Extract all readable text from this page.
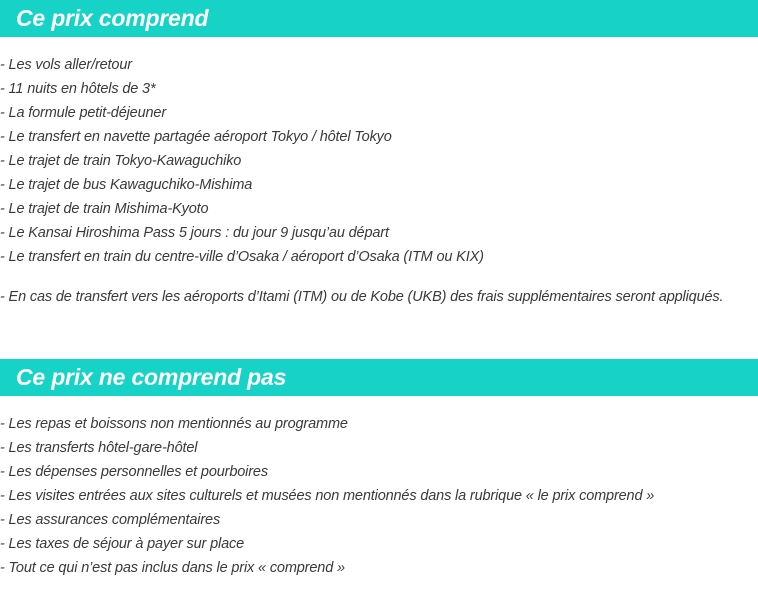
Ce prix comprend
- Les vols aller/retour
- 11 nuits en hôtels de 3*
- La formule petit-déjeuner
- Le transfert en navette partagée aéroport Tokyo / hôtel Tokyo
- Le trajet de train Tokyo-Kawaguchiko
- Le trajet de bus Kawaguchiko-Mishima
- Le trajet de train Mishima-Kyoto
- Le Kansai Hiroshima Pass 5 jours : du jour 9 jusqu’au départ
- Le transfert en train du centre-ville d’Osaka / aéroport d’Osaka (ITM ou KIX)
- En cas de transfert vers les aéroports d’Itami (ITM) ou de Kobe (UKB) des frais supplémentaires seront appliqués.
Ce prix ne comprend pas
- Les repas et boissons non mentionnés au programme
- Les transferts hôtel-gare-hôtel
- Les dépenses personnelles et pourboires
- Les visites entrées aux sites culturels et musées non mentionnés dans la rubrique « le prix comprend »
- Les assurances complémentaires
- Les taxes de séjour à payer sur place
- Tout ce qui n’est pas inclus dans le prix « comprend »
